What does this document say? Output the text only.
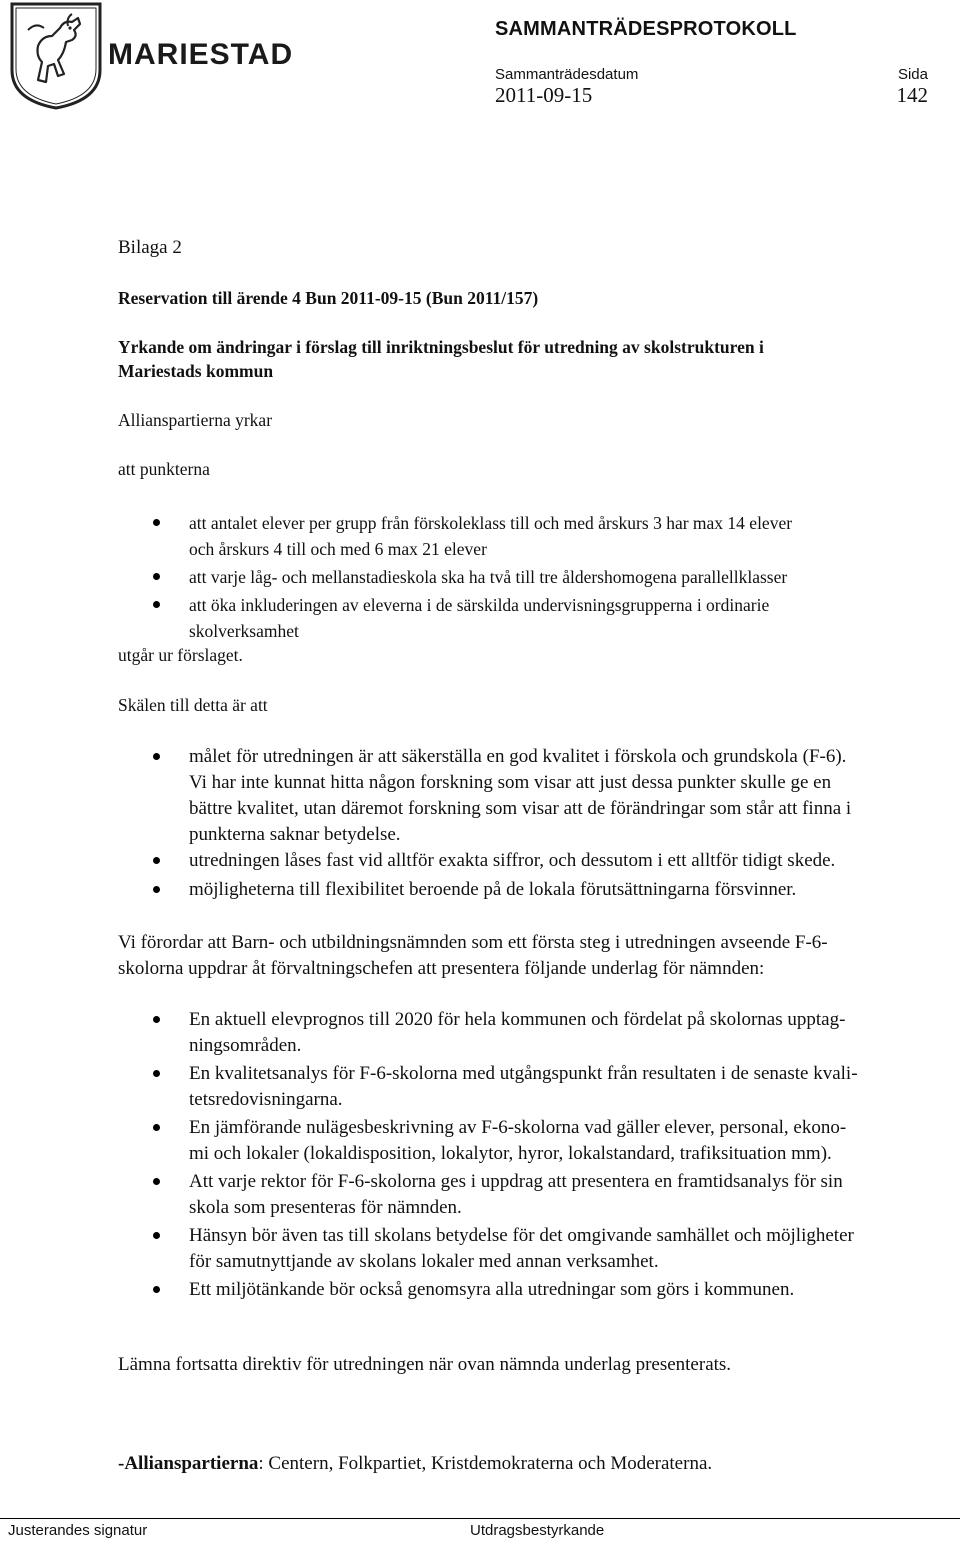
MARIESTAD
SAMMANTRÄDESPROTOKOLL
Sammanträdesdatum	Sida
2011-09-15	142
Bilaga 2
Reservation till ärende 4 Bun 2011-09-15 (Bun 2011/157)
Yrkande om ändringar i förslag till inriktningsbeslut för utredning av skolstrukturen i
Mariestads kommun
Allianspartierna yrkar
att punkterna
att antalet elever per grupp från förskoleklass till och med årskurs 3 har max 14 elever
och årskurs 4 till och med 6 max 21 elever
att varje låg- och mellanstadieskola ska ha två till tre åldershomogena parallellklasser
att öka inkluderingen av eleverna i de särskilda undervisningsgrupperna i ordinarie
skolverksamhet
utgår ur förslaget.
Skälen till detta är att
målet för utredningen är att säkerställa en god kvalitet i förskola och grundskola (F-6).
Vi har inte kunnat hitta någon forskning som visar att just dessa punkter skulle ge en
bättre kvalitet, utan däremot forskning som visar att de förändringar som står att finna i
punkterna saknar betydelse.
utredningen låses fast vid alltför exakta siffror, och dessutom i ett alltför tidigt skede.
möjligheterna till flexibilitet beroende på de lokala förutsättningarna försvinner.
Vi förordar att Barn- och utbildningsnämnden som ett första steg i utredningen avseende F-6-
skolorna uppdrar åt förvaltningschefen att presentera följande underlag för nämnden:
En aktuell elevprognos till 2020 för hela kommunen och fördelat på skolornas upptag-
ningsområden.
En kvalitetsanalys för F-6-skolorna med utgångspunkt från resultaten i de senaste kvali-
tetsredovisningarna.
En jämförande nulägesbeskrivning av F-6-skolorna vad gäller elever, personal, ekono-
mi och lokaler (lokaldisposition, lokalytor, hyror, lokalstandard, trafiksituation mm).
Att varje rektor för F-6-skolorna ges i uppdrag att presentera en framtidsanalys för sin
skola som presenteras för nämnden.
Hänsyn bör även tas till skolans betydelse för det omgivande samhället och möjligheter
för samutnyttjande av skolans lokaler med annan verksamhet.
Ett miljötänkande bör också genomsyra alla utredningar som görs i kommunen.
Lämna fortsatta direktiv för utredningen när ovan nämnda underlag presenterats.
-Allianspartierna: Centern, Folkpartiet, Kristdemokraterna och Moderaterna.
Justerandes signatur	Utdragsbestyrkande
